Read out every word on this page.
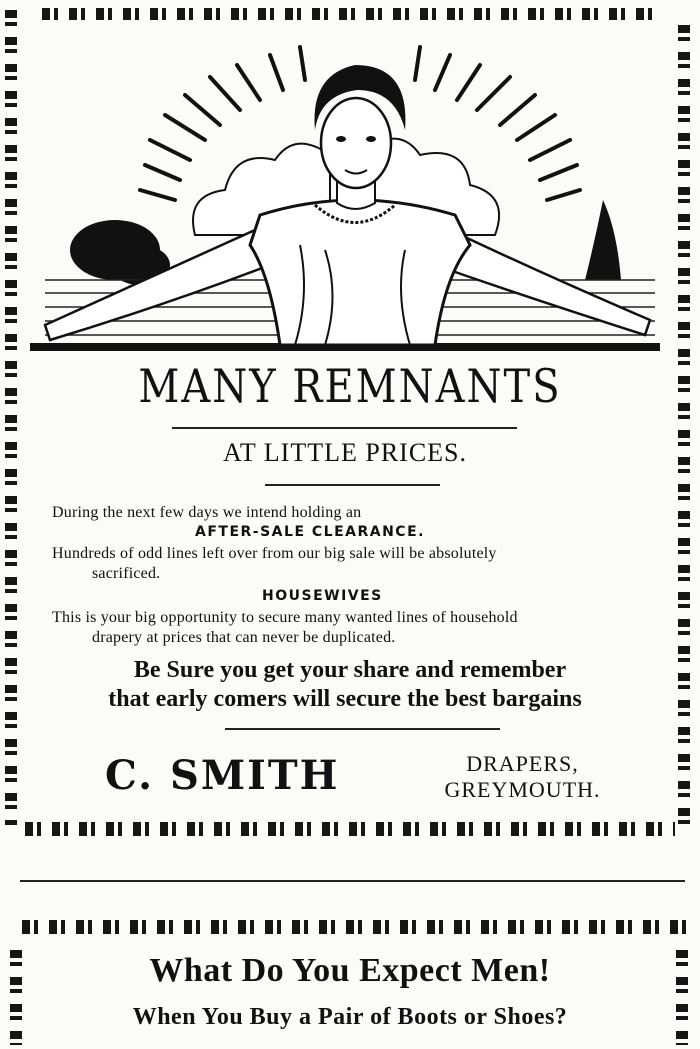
MANY REMNANTS
AT LITTLE PRICES.
During the next few days we intend holding an
AFTER-SALE CLEARANCE.
Hundreds of odd lines left over from our big sale will be absolutely
sacrificed.
HOUSEWIVES
This is your big opportunity to secure many wanted lines of household
drapery at prices that can never be duplicated.
Be Sure you get your share and remember
that early comers will secure the best bargains
C. SMITH	DRAPERS,
GREYMOUTH.
What Do You Expect Men!
When You Buy a Pair of Boots or Shoes?
